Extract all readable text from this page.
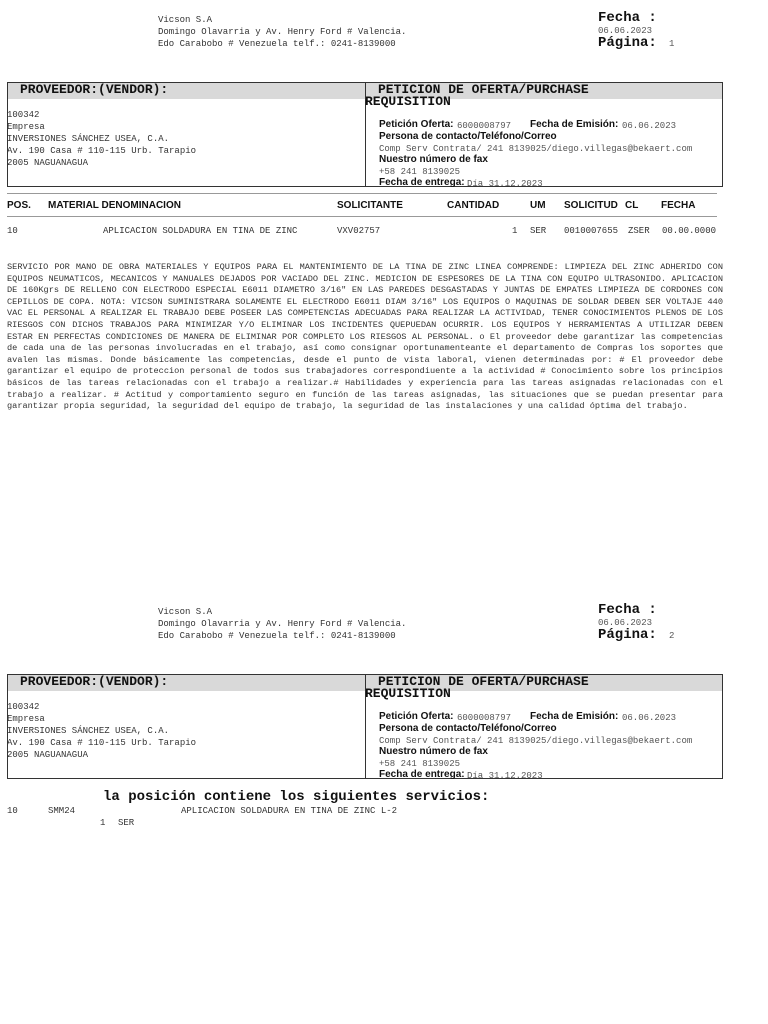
Vicson S.A
Domingo Olavarria y Av. Henry Ford # Valencia.
Edo Carabobo # Venezuela telf.: 0241-8139000
Fecha :
06.06.2023
Página: 1
PROVEEDOR:(VENDOR):	PETICION DE OFERTA/PURCHASE
REQUISITION
100342
Empresa
INVERSIONES SÁNCHEZ USEA, C.A.
Av. 190 Casa # 110-115 Urb. Tarapio
2005 NAGUANAGUA
Petición Oferta: 6000008797 Fecha de Emisión: 06.06.2023
Persona de contacto/Teléfono/Correo
Comp Serv Contrata/ 241 8139025/diego.villegas@bekaert.com
Nuestro número de fax
+58 241 8139025
Fecha de entrega: Día 31.12.2023
POS. MATERIAL DENOMINACION	SOLICITANTE	CANTIDAD	UM SOLICITUD CL FECHA
10	APLICACION SOLDADURA EN TINA DE ZINC	VXV02757	1 SER 0010007655 ZSER 00.00.0000
SERVICIO POR MANO DE OBRA MATERIALES Y EQUIPOS PARA EL MANTENIMIENTO DE LA TINA DE ZINC LINEA COMPRENDE: LIMPIEZA DEL ZINC ADHERIDO CON EQUIPOS NEUMATICOS, MECANICOS Y MANUALES DEJADOS POR VACIADO DEL ZINC. MEDICION DE ESPESORES DE LA TINA CON EQUIPO ULTRASONIDO. APLICACION DE 160Kgrs DE RELLENO CON ELECTRODO ESPECIAL E6011 DIAMETRO 3/16" EN LAS PAREDES DESGASTADAS Y JUNTAS DE EMPATES LIMPIEZA DE CORDONES CON CEPILLOS DE COPA. NOTA: VICSON SUMINISTRARA SOLAMENTE EL ELECTRODO E6011 DIAM 3/16" LOS EQUIPOS O MAQUINAS DE SOLDAR DEBEN SER VOLTAJE 440 VAC EL PERSONAL A REALIZAR EL TRABAJO DEBE POSEER LAS COMPETENCIAS ADECUADAS PARA REALIZAR LA ACTIVIDAD, TENER CONOCIMIENTOS PLENOS DE LOS RIESGOS CON DICHOS TRABAJOS PARA MINIMIZAR Y/O ELIMINAR LOS INCIDENTES QUEPUEDAN OCURRIR. LOS EQUIPOS Y HERRAMIENTAS A UTILIZAR DEBEN ESTAR EN PERFECTAS CONDICIONES DE MANERA DE ELIMINAR POR COMPLETO LOS RIESGOS AL PERSONAL. o El proveedor debe garantizar las competencias de cada una de las personas involucradas en el trabajo, así como consignar oportunamenteante el departamento de Compras los soportes que avalen las mismas. Donde básicamente las competencias, desde el punto de vista laboral, vienen determinadas por: # El proveedor debe garantizar el equipo de proteccion personal de todos sus trabajadores correspondiuente a la actividad # Conocimiento sobre los principios básicos de las tareas relacionadas con el trabajo a realizar.# Habilidades y experiencia para las tareas asignadas relacionadas con el trabajo a realizar. # Actitud y comportamiento seguro en función de las tareas asignadas, las situaciones que se puedan presentar para garantizar propia seguridad, la seguridad del equipo de trabajo, la seguridad de las instalaciones y una calidad óptima del trabajo.
Vicson S.A
Domingo Olavarria y Av. Henry Ford # Valencia.
Edo Carabobo # Venezuela telf.: 0241-8139000
Fecha :
06.06.2023
Página: 2
PROVEEDOR:(VENDOR):	PETICION DE OFERTA/PURCHASE
REQUISITION
100342
Empresa
INVERSIONES SÁNCHEZ USEA, C.A.
Av. 190 Casa # 110-115 Urb. Tarapio
2005 NAGUANAGUA
Petición Oferta: 6000008797 Fecha de Emisión: 06.06.2023
Persona de contacto/Teléfono/Correo
Comp Serv Contrata/ 241 8139025/diego.villegas@bekaert.com
Nuestro número de fax
+58 241 8139025
Fecha de entrega: Día 31.12.2023
la posición contiene los siguientes servicios:
10	SMM24	APLICACION SOLDADURA EN TINA DE ZINC L-2
1 SER
